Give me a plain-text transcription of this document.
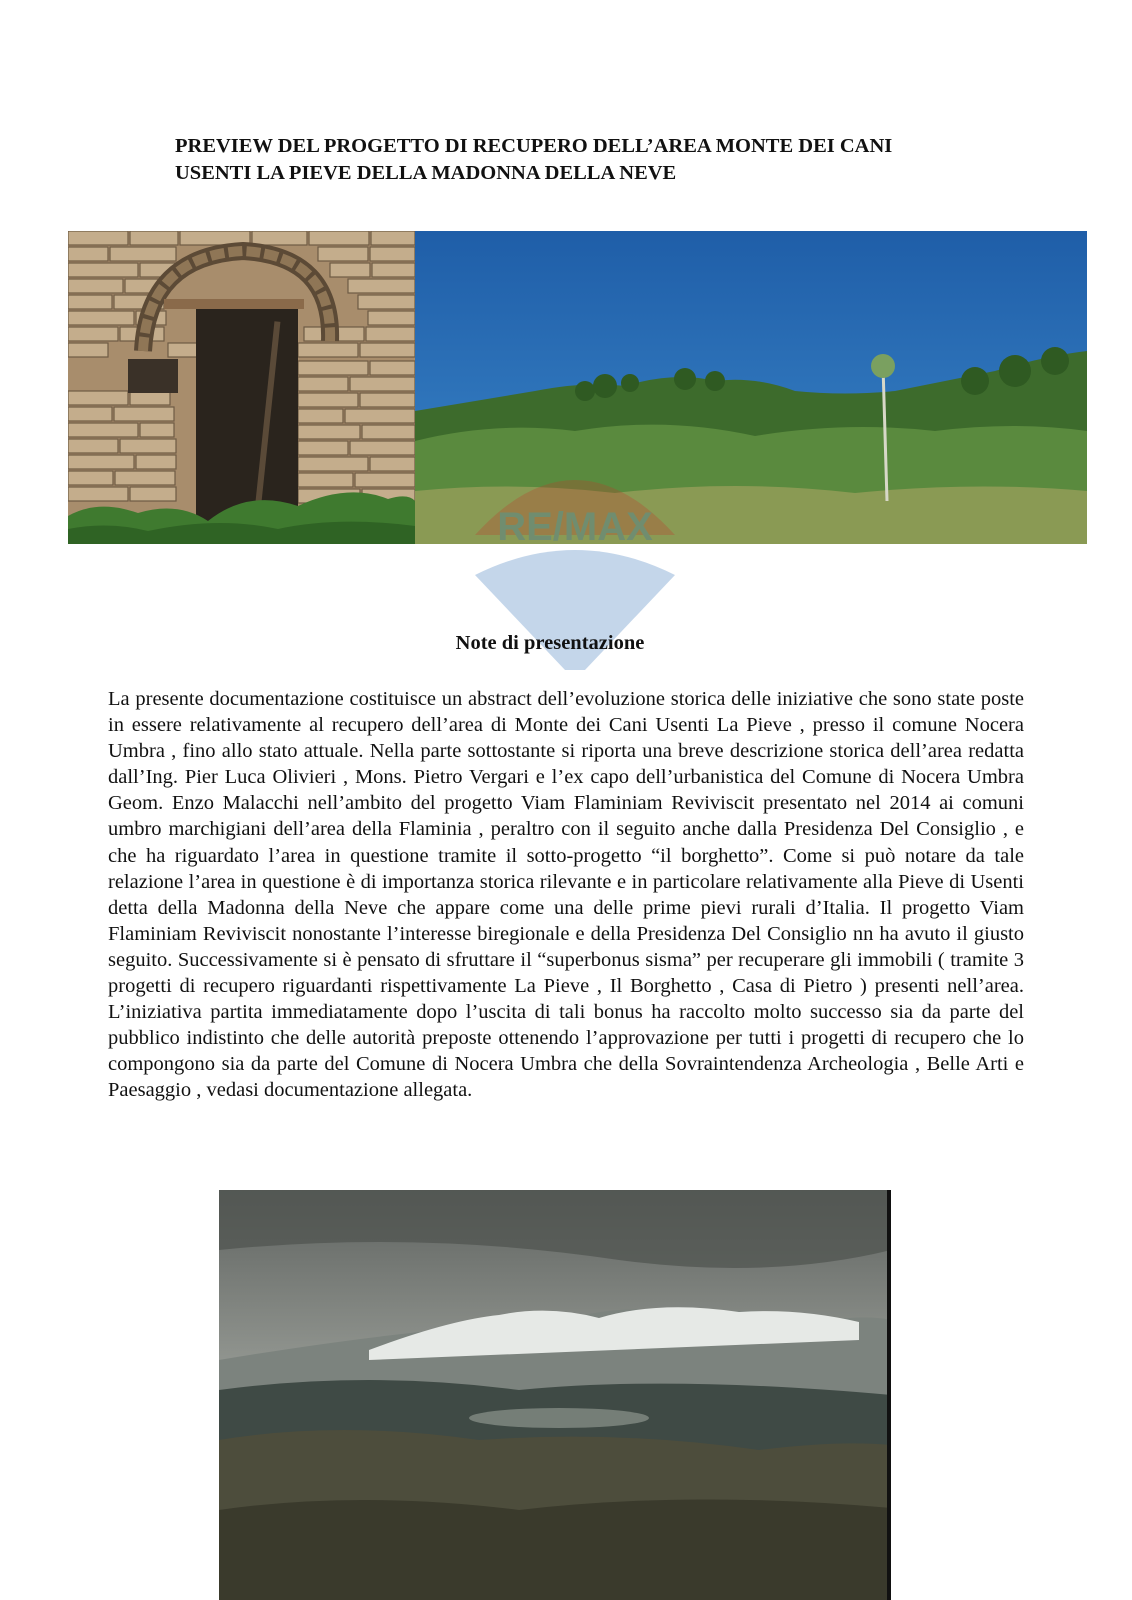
PREVIEW DEL PROGETTO DI RECUPERO DELL’AREA MONTE DEI CANI
USENTI LA PIEVE DELLA MADONNA DELLA NEVE
RE/MAX
Note di presentazione

La presente documentazione costituisce un abstract dell’evoluzione storica delle iniziative che sono state poste in essere relativamente al recupero dell’area di Monte dei Cani Usenti La Pieve , presso il comune Nocera Umbra , fino allo stato attuale. Nella parte sottostante si riporta una breve descrizione storica dell’area redatta dall’Ing. Pier Luca Olivieri , Mons. Pietro Vergari e l’ex capo dell’urbanistica del Comune di Nocera Umbra Geom. Enzo Malacchi nell’ambito del progetto Viam Flaminiam Reviviscit presentato nel 2014 ai comuni umbro marchigiani dell’area della Flaminia , peraltro con il seguito anche dalla Presidenza Del Consiglio , e che ha riguardato l’area in questione tramite il sotto-progetto “il borghetto”. Come si può notare da tale relazione l’area in questione è di importanza storica rilevante e in particolare relativamente alla Pieve di Usenti detta della Madonna della Neve che appare come una delle prime pievi rurali d’Italia. Il progetto Viam Flaminiam Reviviscit nonostante l’interesse biregionale e della Presidenza Del Consiglio nn ha avuto il giusto seguito. Successivamente si è pensato di sfruttare il “superbonus sisma” per recuperare gli immobili ( tramite 3 progetti di recupero riguardanti rispettivamente La Pieve , Il Borghetto , Casa di Pietro ) presenti nell’area. L’iniziativa partita immediatamente dopo l’uscita di tali bonus ha raccolto molto successo sia da parte del pubblico indistinto che delle autorità preposte ottenendo l’approvazione per tutti i progetti di recupero che lo compongono sia da parte del Comune di Nocera Umbra che della Sovraintendenza Archeologia , Belle Arti e Paesaggio , vedasi documentazione allegata.
